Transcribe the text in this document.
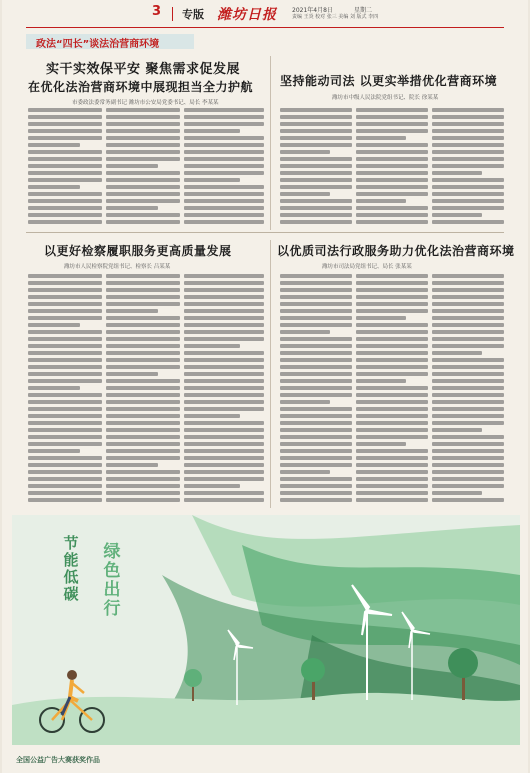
3 专版 潍坊日报	2021年4月8日	星期二
责编 王炎 校对 张三 美编 刘 版式 李四
政法“四长”谈法治营商环境
实干实效保平安 聚焦需求促发展
在优化法治营商环境中展现担当全力护航
市委政法委常务副书记 潍坊市公安局党委书记、局长 李某某
坚持能动司法 以更实举措优化营商环境
潍坊市中级人民法院党组书记、院长 徐某某
以更好检察履职服务更高质量发展
潍坊市人民检察院党组书记、检察长 吕某某
以优质司法行政服务助力优化法治营商环境
潍坊市司法局党组书记、局长 张某某
节能低碳
绿色出行
全国公益广告大赛获奖作品
